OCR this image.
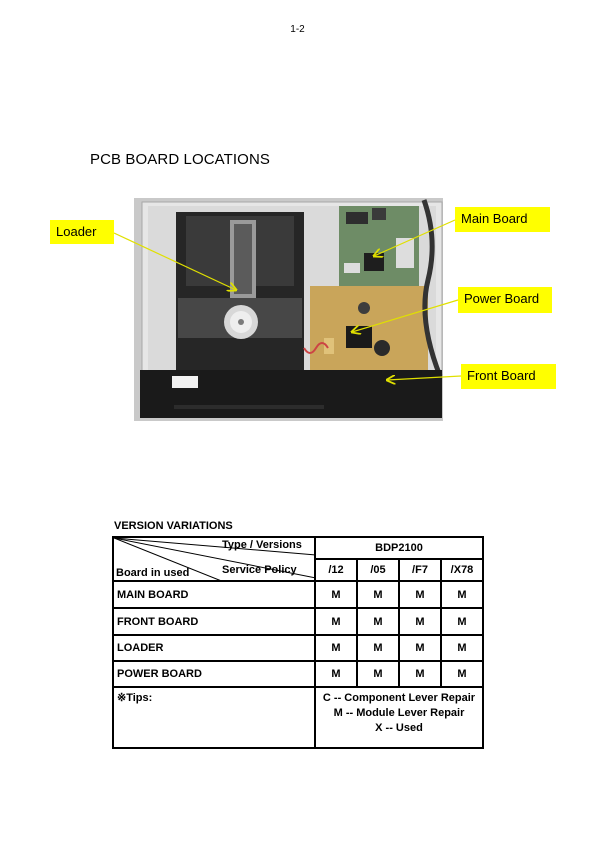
1-2
PCB BOARD LOCATIONS
Loader
Main Board
Power Board
Front Board
VERSION VARIATIONS
Type / Versions
Service Policy
Board in used	BDP2100			
	/12	/05	/F7	/X78
MAIN BOARD	M	M	M	M
FRONT BOARD	M	M	M	M
LOADER	M	M	M	M
POWER BOARD	M	M	M	M
※Tips:	C -- Component Lever Repair
M -- Module Lever Repair
X -- Used			
